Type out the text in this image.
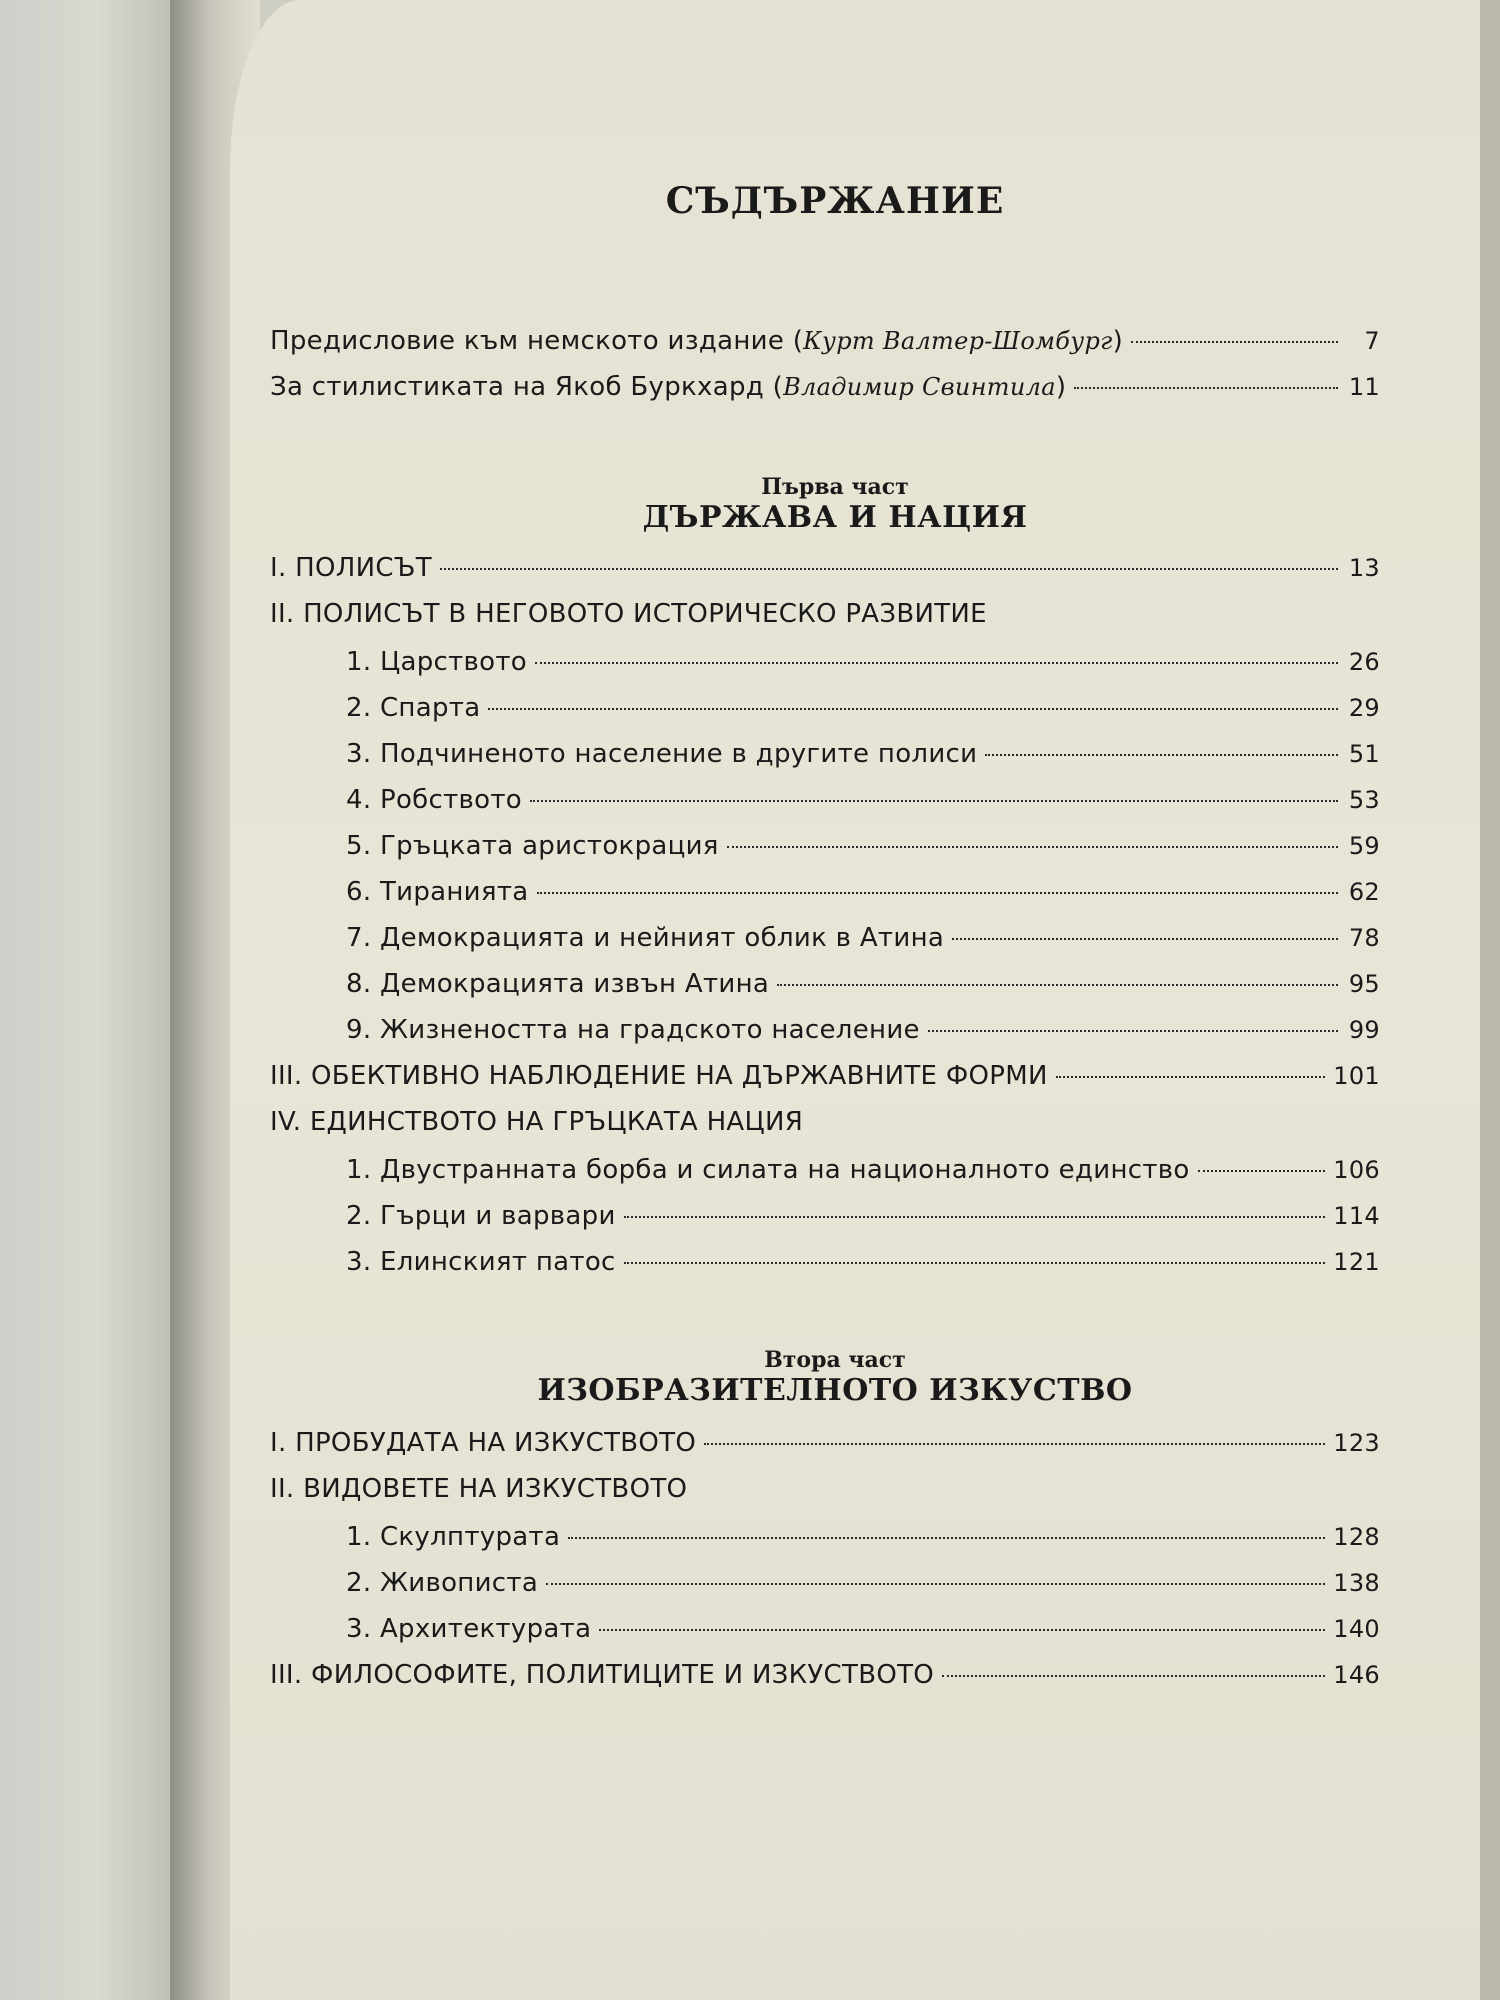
СЪДЪРЖАНИЕ
Предисловие към немското издание (Курт Валтер-Шомбург)	7
За стилистиката на Якоб Буркхард (Владимир Свинтила)	11
Първа част
ДЪРЖАВА И НАЦИЯ
I. ПОЛИСЪТ	13
II. ПОЛИСЪТ В НЕГОВОТО ИСТОРИЧЕСКО РАЗВИТИЕ
1. Царството	26
2. Спарта	29
3. Подчиненото население в другите полиси	51
4. Робството	53
5. Гръцката аристокрация	59
6. Тиранията	62
7. Демокрацията и нейният облик в Атина	78
8. Демокрацията извън Атина	95
9. Жизнеността на градското население	99
III. ОБЕКТИВНО НАБЛЮДЕНИЕ НА ДЪРЖАВНИТЕ ФОРМИ	101
IV. ЕДИНСТВОТО НА ГРЪЦКАТА НАЦИЯ
1. Двустранната борба и силата на националното единство	106
2. Гърци и варвари	114
3. Елинският патос	121
Втора част
ИЗОБРАЗИТЕЛНОТО ИЗКУСТВО
I. ПРОБУДАТА НА ИЗКУСТВОТО	123
II. ВИДОВЕТЕ НА ИЗКУСТВОТО
1. Скулптурата	128
2. Живописта	138
3. Архитектурата	140
III. ФИЛОСОФИТЕ, ПОЛИТИЦИТЕ И ИЗКУСТВОТО	146
